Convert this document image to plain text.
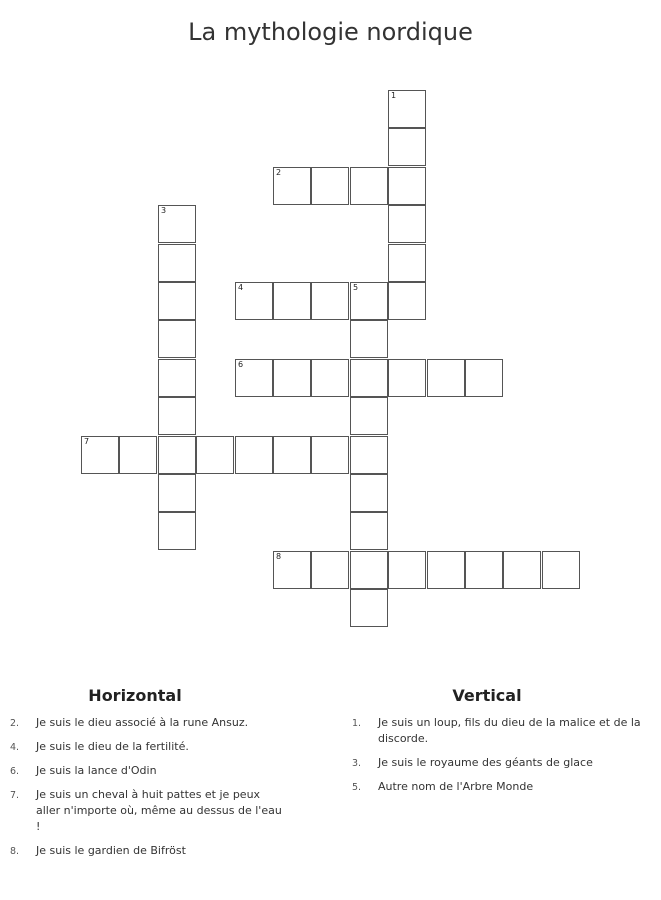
La mythologie nordique
1
2
3
4	5
6
7
8
Horizontal
2. Je suis le dieu associé à la rune Ansuz.
4. Je suis le dieu de la fertilité.
6. Je suis la lance d'Odin
7. Je suis un cheval à huit pattes et je peux aller n'importe où, même au dessus de l'eau !
8. Je suis le gardien de Bifröst
Vertical
1. Je suis un loup, fils du dieu de la malice et de la discorde.
3. Je suis le royaume des géants de glace
5. Autre nom de l'Arbre Monde
